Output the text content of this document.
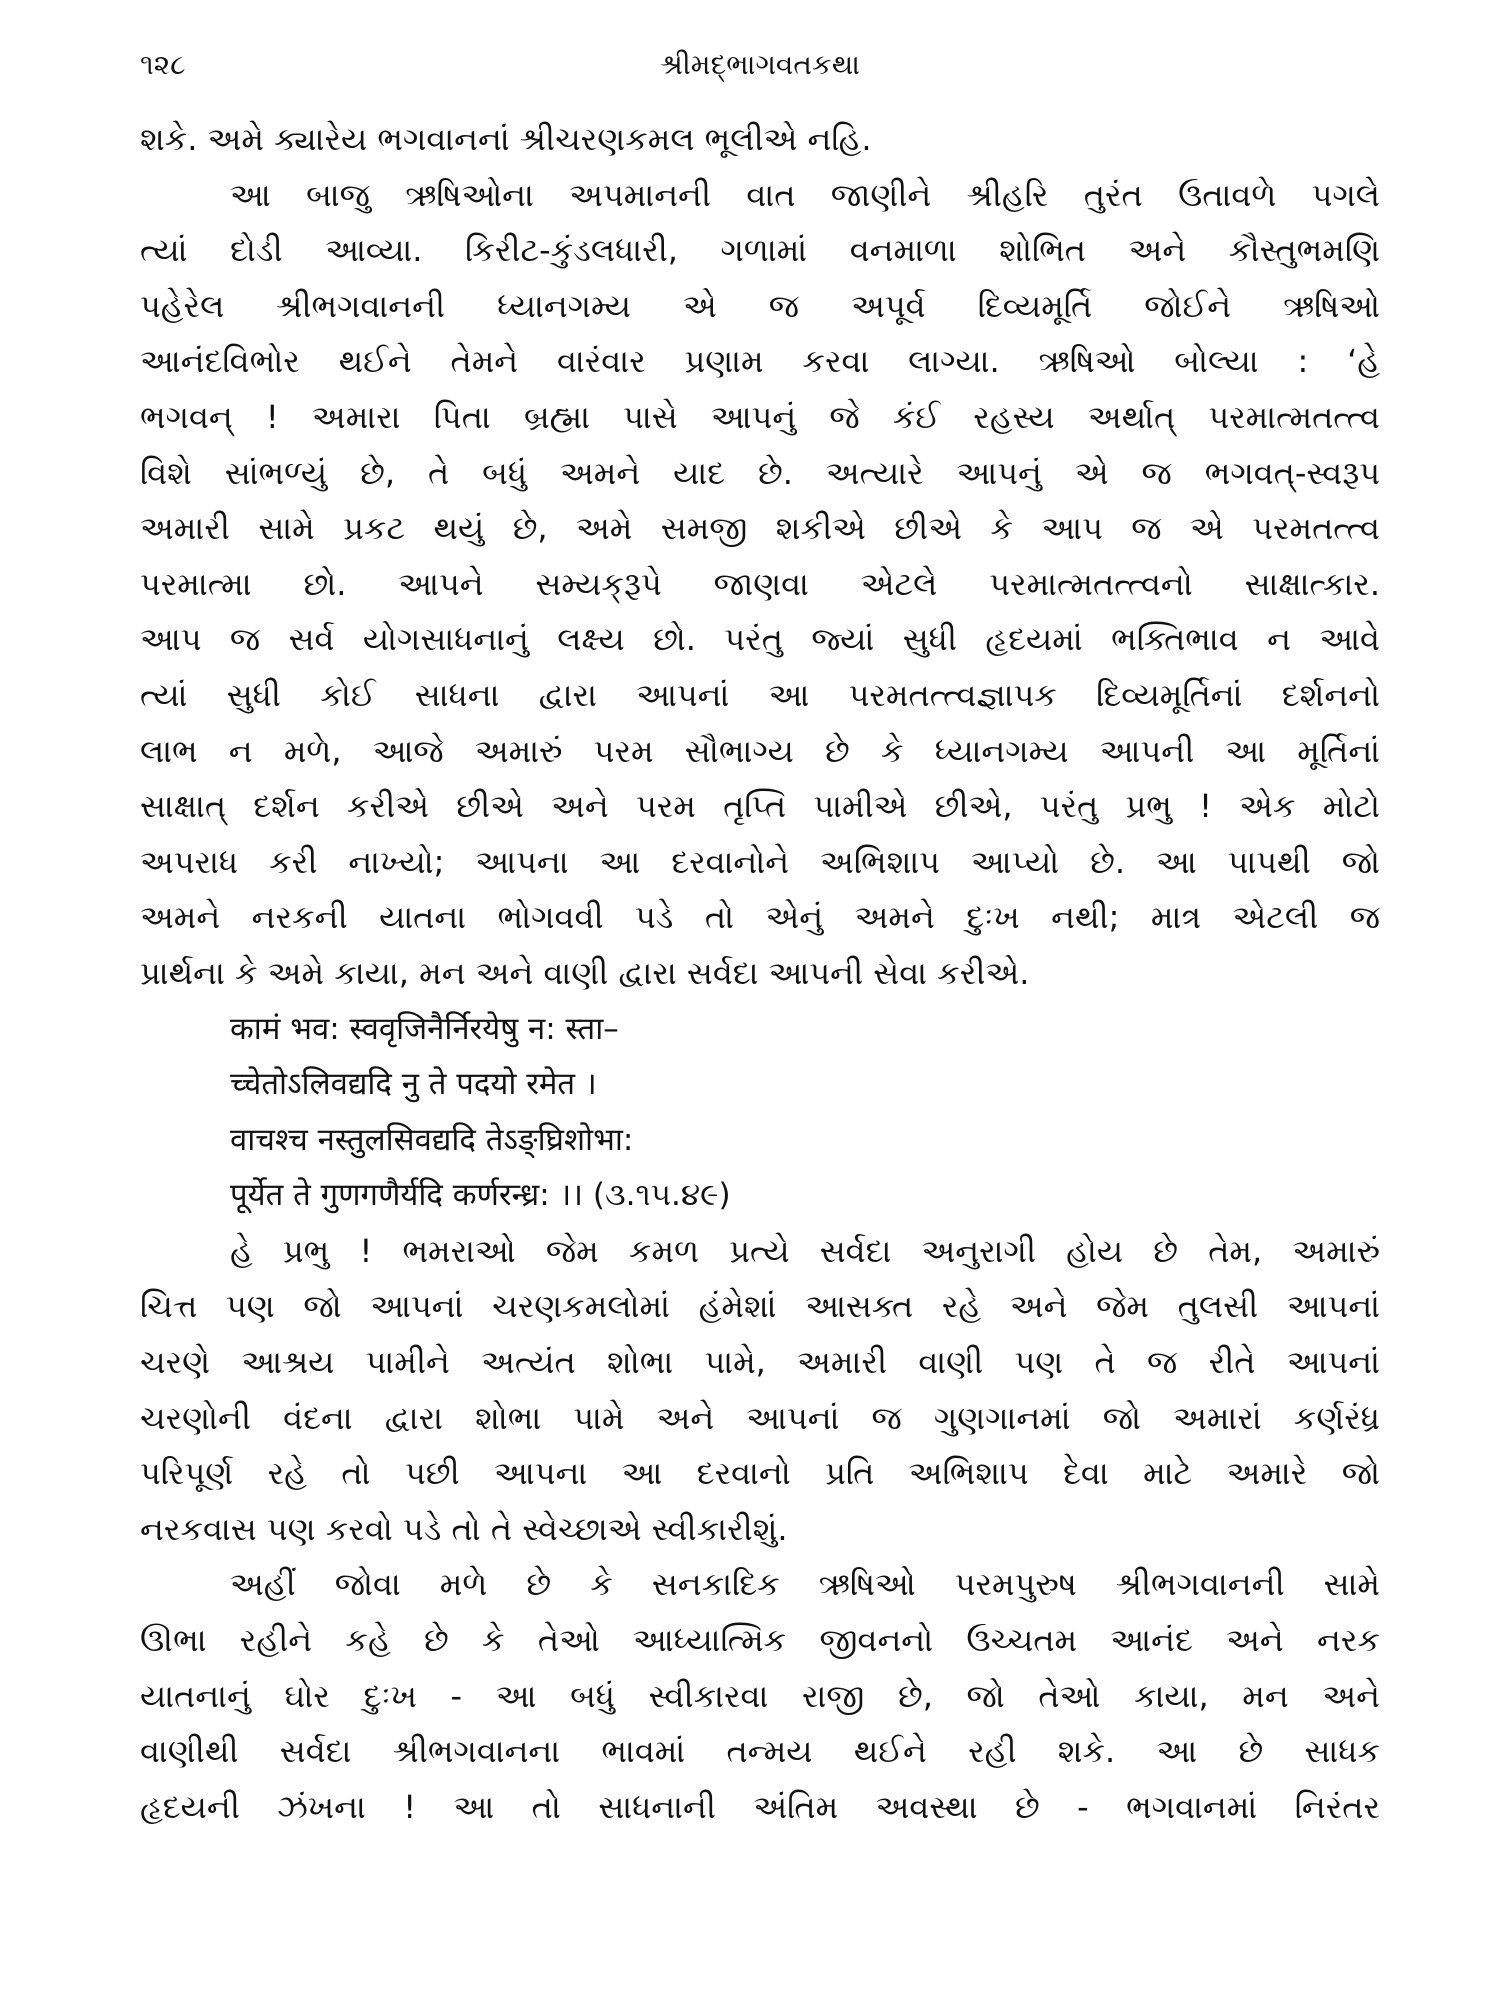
૧૨૮	શ્રીમદ્‌ભાગવતકથા
શકે. અમે ક્યારેય ભગવાનનાં શ્રીચરણકમલ ભૂલીએ નહિ.
આ બાજુ ઋષિઓના અપમાનની વાત જાણીને શ્રીહરિ તુરંત ઉતાવળે પગલે
ત્યાં દોડી આવ્યા. કિરીટ-કુંડલધારી, ગળામાં વનમાળા શોભિત અને કૌસ્તુભમણિ
પહેરેલ શ્રીભગવાનની ધ્યાનગમ્ય એ જ અપૂર્વ દિવ્યમૂર્તિ જોઈને ઋષિઓ
આનંદવિભોર થઈને તેમને વારંવાર પ્રણામ કરવા લાગ્યા. ઋષિઓ બોલ્યા : ‘હે
ભગવન્ ! અમારા પિતા બ્રહ્મા પાસે આપનું જે કંઈ રહસ્ય અર્થાત્ પરમાત્મતત્ત્વ
વિશે સાંભળ્યું છે, તે બધું અમને યાદ છે. અત્યારે આપનું એ જ ભગવત્-સ્વરૂપ
અમારી સામે પ્રકટ થયું છે, અમે સમજી શકીએ છીએ કે આપ જ એ પરમતત્ત્વ
પરમાત્મા છો. આપને સમ્યક્‌રૂપે જાણવા એટલે પરમાત્મતત્ત્વનો સાક્ષાત્કાર.
આપ જ સર્વ યોગસાધનાનું લક્ષ્ય છો. પરંતુ જ્યાં સુધી હૃદયમાં ભક્તિભાવ ન આવે
ત્યાં સુધી કોઈ સાધના દ્વારા આપનાં આ પરમતત્ત્વજ્ઞાપક દિવ્યમૂર્તિનાં દર્શનનો
લાભ ન મળે, આજે અમારું પરમ સૌભાગ્ય છે કે ધ્યાનગમ્ય આપની આ મૂર્તિનાં
સાક્ષાત્ દર્શન કરીએ છીએ અને પરમ તૃપ્તિ પામીએ છીએ, પરંતુ પ્રભુ ! એક મોટો
અપરાધ કરી નાખ્યો; આપના આ દરવાનોને અભિશાપ આપ્યો છે. આ પાપથી જો
અમને નરકની યાતના ભોગવવી પડે તો એનું અમને દુઃખ નથી; માત્ર એટલી જ
પ્રાર્થના કે અમે કાયા, મન અને વાણી દ્વારા સર્વદા આપની સેવા કરીએ.
कामं भव: स्ववृजिनैर्निरयेषु न: स्ता–
च्चेतोऽलिवद्यदि नु ते पदयो रमेत ।
वाचश्च नस्तुलसिवद्यदि तेऽङ्घ्रिशोभा:
पूर्येत ते गुणगणैर्यदि कर्णरन्ध्र: ।। (૩.૧૫.૪૯)
હે પ્રભુ ! ભમરાઓ જેમ કમળ પ્રત્યે સર્વદા અનુરાગી હોય છે તેમ, અમારું
ચિત્ત પણ જો આપનાં ચરણકમલોમાં હંમેશાં આસક્ત રહે અને જેમ તુલસી આપનાં
ચરણે આશ્રય પામીને અત્યંત શોભા પામે, અમારી વાણી પણ તે જ રીતે આપનાં
ચરણોની વંદના દ્વારા શોભા પામે અને આપનાં જ ગુણગાનમાં જો અમારાં કર્ણરંધ્ર
પરિપૂર્ણ રહે તો પછી આપના આ દરવાનો પ્રતિ અભિશાપ દેવા માટે અમારે જો
નરકવાસ પણ કરવો પડે તો તે સ્વેચ્છાએ સ્વીકારીશું.
અહીં જોવા મળે છે કે સનકાદિક ઋષિઓ પરમપુરુષ શ્રીભગવાનની સામે
ઊભા રહીને કહે છે કે તેઓ આધ્યાત્મિક જીવનનો ઉચ્ચતમ આનંદ અને નરક
યાતનાનું ઘોર દુઃખ - આ બધું સ્વીકારવા રાજી છે, જો તેઓ કાયા, મન અને
વાણીથી સર્વદા શ્રીભગવાનના ભાવમાં તન્મય થઈને રહી શકે. આ છે સાધક
હૃદયની ઝંખના ! આ તો સાધનાની અંતિમ અવસ્થા છે - ભગવાનમાં નિરંતર
